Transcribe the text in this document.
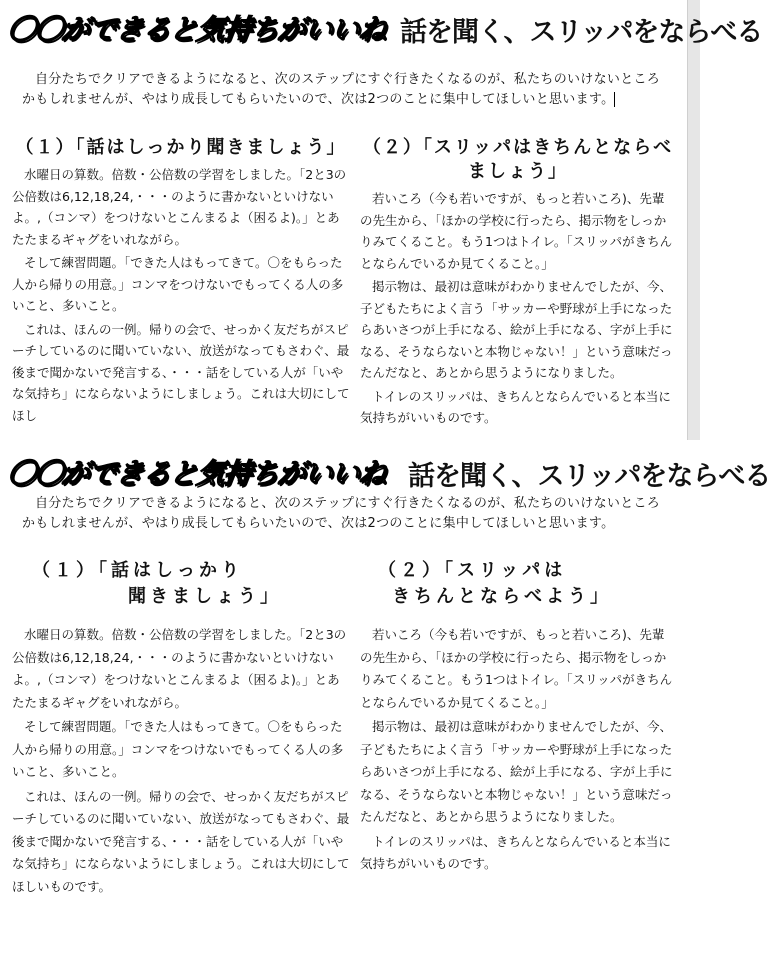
〇〇ができると気持ちがいいね 話を聞く、スリッパをならべる
自分たちでクリアできるようになると、次のステップにすぐ行きたくなるのが、私たちのいけないところかもしれませんが、やはり成長してもらいたいので、次は2つのことに集中してほしいと思います。
（１）「話はしっかり聞きましょう」

水曜日の算数。倍数・公倍数の学習をしました。「2と3の公倍数は6,12,18,24,・・・のように書かないといけないよ。,（コンマ）をつけないとこんまるよ（困るよ)。」とあたたまるギャグをいれながら。

そして練習問題。「できた人はもってきて。〇をもらった人から帰りの用意。」コンマをつけないでもってくる人の多いこと、多いこと。

これは、ほんの一例。帰りの会で、せっかく友だちがスピーチしているのに聞いていない、放送がなってもさわぐ、最後まで聞かないで発言する、・・・話をしている人が「いやな気持ち」にならないようにしましょう。これは大切にしてほし

（２）「スリッパはきちんとならべましょう」

若いころ（今も若いですが、もっと若いころ)、先輩の先生から、「ほかの学校に行ったら、掲示物をしっかりみてくること。もう1つはトイレ。「スリッパがきちんとならんでいるか見てくること。」

掲示物は、最初は意味がわかりませんでしたが、今、子どもたちによく言う「サッカーや野球が上手になったらあいさつが上手になる、絵が上手になる、字が上手になる、そうならないと本物じゃない！」という意味だったんだなと、あとから思うようになりました。

トイレのスリッパは、きちんとならんでいると本当に気持ちがいいものです。

〇〇ができると気持ちがいいね 話を聞く、スリッパをならべる
自分たちでクリアできるようになると、次のステップにすぐ行きたくなるのが、私たちのいけないところかもしれませんが、やはり成長してもらいたいので、次は2つのことに集中してほしいと思います。
（１）「話はしっかり
聞きましょう」
（２）「スリッパは
きちんとならべよう」

水曜日の算数。倍数・公倍数の学習をしました。「2と3の公倍数は6,12,18,24,・・・のように書かないといけないよ。,（コンマ）をつけないとこんまるよ（困るよ)。」とあたたまるギャグをいれながら。

そして練習問題。「できた人はもってきて。〇をもらった人から帰りの用意。」コンマをつけないでもってくる人の多いこと、多いこと。

これは、ほんの一例。帰りの会で、せっかく友だちがスピーチしているのに聞いていない、放送がなってもさわぐ、最後まで聞かないで発言する、・・・話をしている人が「いやな気持ち」にならないようにしましょう。これは大切にしてほしいものです。

若いころ（今も若いですが、もっと若いころ)、先輩の先生から、「ほかの学校に行ったら、掲示物をしっかりみてくること。もう1つはトイレ。「スリッパがきちんとならんでいるか見てくること。」

掲示物は、最初は意味がわかりませんでしたが、今、子どもたちによく言う「サッカーや野球が上手になったらあいさつが上手になる、絵が上手になる、字が上手になる、そうならないと本物じゃない！」という意味だったんだなと、あとから思うようになりました。

トイレのスリッパは、きちんとならんでいると本当に気持ちがいいものです。
